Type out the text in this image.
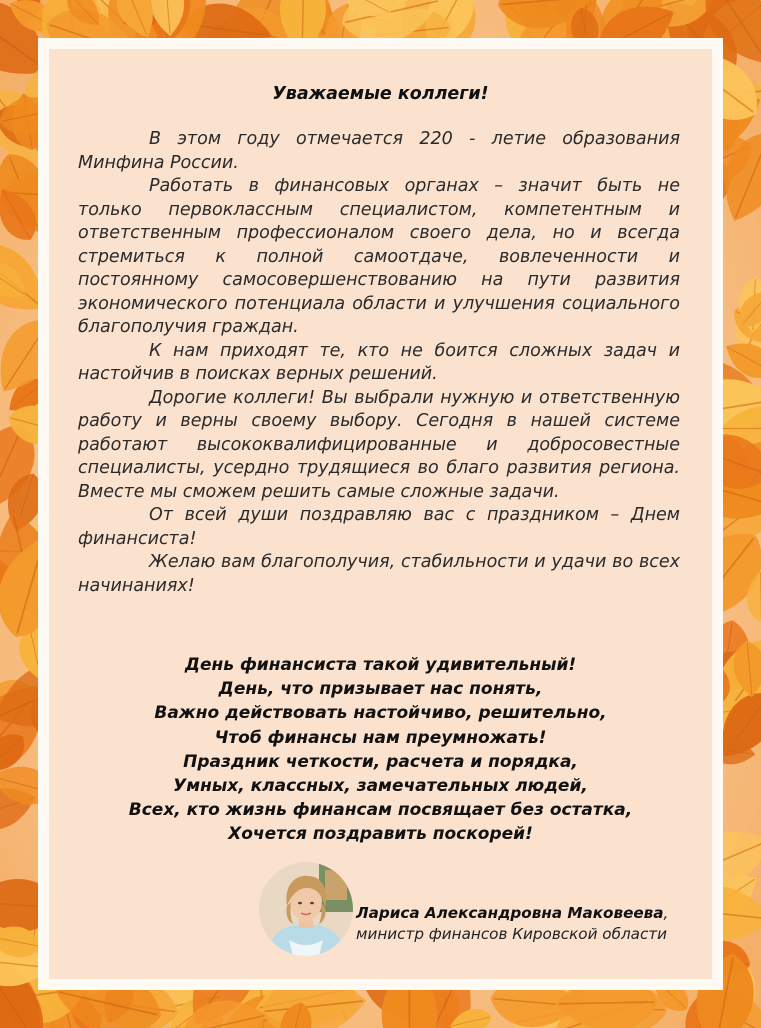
Уважаемые коллеги!

В этом году отмечается 220 - летие образования Минфина России.

Работать в финансовых органах – значит быть не только первоклассным специалистом, компетентным и ответственным профессионалом своего дела, но и всегда стремиться к полной самоотдаче, вовлеченности и постоянному самосовершенствованию на пути развития экономического потенциала области и улучшения социального благополучия граждан.

К нам приходят те, кто не боится сложных задач и настойчив в поисках верных решений.

Дорогие коллеги! Вы выбрали нужную и ответственную работу и верны своему выбору. Сегодня в нашей системе работают высококвалифицированные и добросовестные специалисты, усердно трудящиеся во благо развития региона. Вместе мы сможем решить самые сложные задачи.

От всей души поздравляю вас с праздником – Днем финансиста!

Желаю вам благополучия, стабильности и удачи во всех начинаниях!

День финансиста такой удивительный!
День, что призывает нас понять,
Важно действовать настойчиво, решительно,
Чтоб финансы нам преумножать!
Праздник четкости, расчета и порядка,
Умных, классных, замечательных людей,
Всех, кто жизнь финансам посвящает без остатка,
Хочется поздравить поскорей!
Лариса Александровна Маковеева,
министр финансов Кировской области
